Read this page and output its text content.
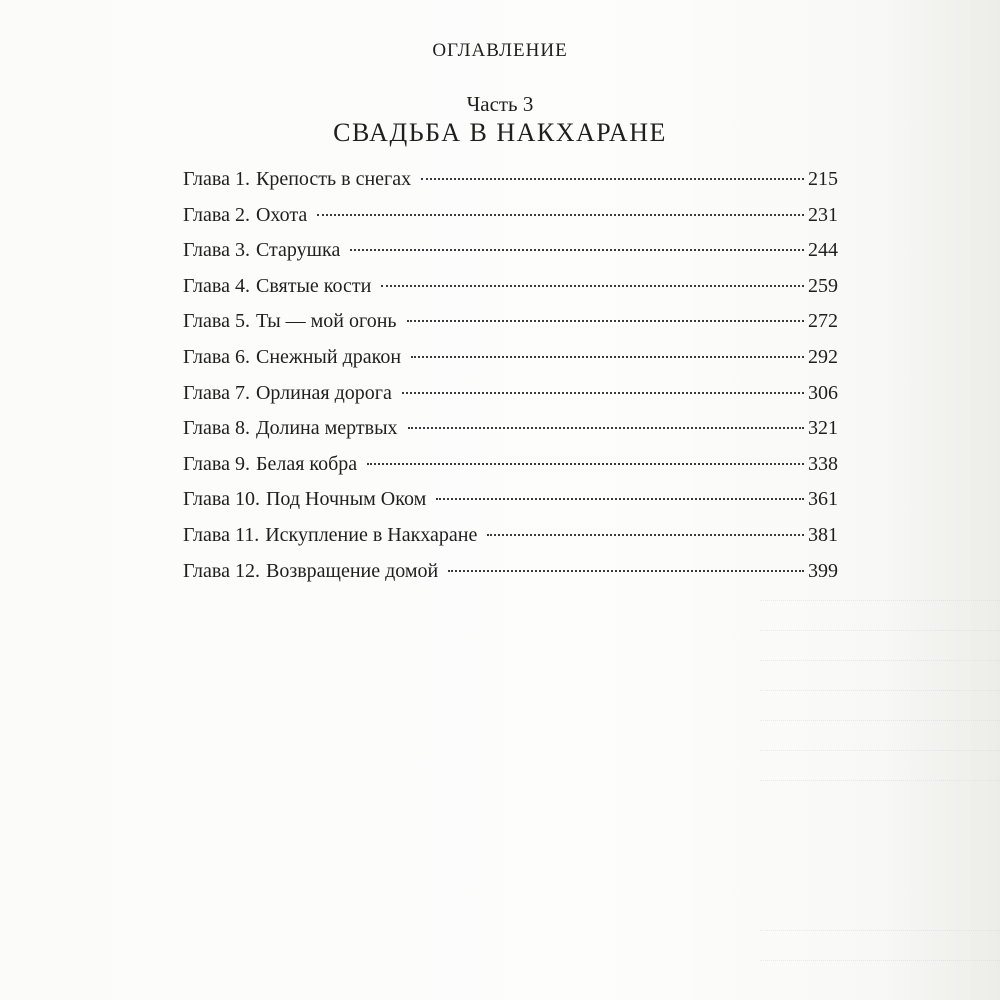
ОГЛАВЛЕНИЕ
Часть 3
СВАДЬБА В НАКХАРАНЕ
Глава 1. Крепость в снегах	215
Глава 2. Охота	231
Глава 3. Старушка	244
Глава 4. Святые кости	259
Глава 5. Ты — мой огонь	272
Глава 6. Снежный дракон	292
Глава 7. Орлиная дорога	306
Глава 8. Долина мертвых	321
Глава 9. Белая кобра	338
Глава 10. Под Ночным Оком	361
Глава 11. Искупление в Накхаране	381
Глава 12. Возвращение домой	399
